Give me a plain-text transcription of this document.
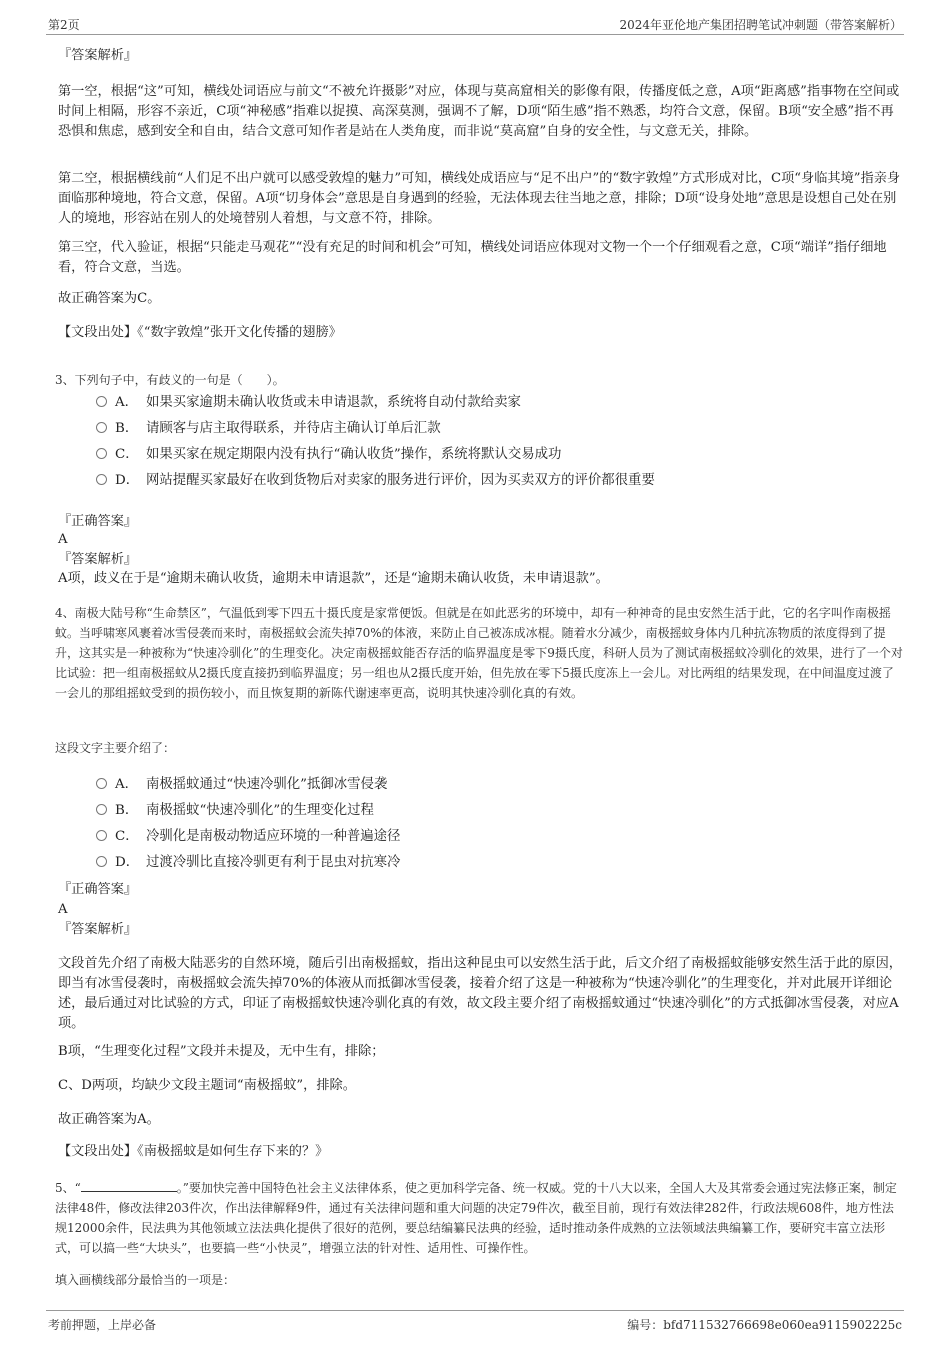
第2页	2024年亚伦地产集团招聘笔试冲刺题（带答案解析）
『答案解析』

第一空，根据“这”可知，横线处词语应与前文“不被允许摄影”对应，体现与莫高窟相关的影像有限，传播度低之意，A项“距离感”指事物在空间或时间上相隔，形容不亲近，C项“神秘感”指难以捉摸、高深莫测，强调不了解，D项“陌生感”指不熟悉，均符合文意，保留。B项“安全感”指不再恐惧和焦虑，感到安全和自由，结合文意可知作者是站在人类角度，而非说“莫高窟”自身的安全性，与文意无关，排除。

第二空，根据横线前“人们足不出户就可以感受敦煌的魅力”可知，横线处成语应与“足不出户”的“数字敦煌”方式形成对比，C项“身临其境”指亲身面临那种境地，符合文意，保留。A项“切身体会”意思是自身遇到的经验，无法体现去往当地之意，排除；D项“设身处地”意思是设想自己处在别人的境地，形容站在别人的处境替别人着想，与文意不符，排除。

第三空，代入验证，根据“只能走马观花”“没有充足的时间和机会”可知，横线处词语应体现对文物一个一个仔细观看之意，C项“端详”指仔细地看，符合文意，当选。

故正确答案为C。
【文段出处】《“数字敦煌”张开文化传播的翅膀》
3、下列句子中，有歧义的一句是（　　）。
A． 如果买家逾期未确认收货或未申请退款，系统将自动付款给卖家
B． 请顾客与店主取得联系，并待店主确认订单后汇款
C． 如果买家在规定期限内没有执行“确认收货”操作，系统将默认交易成功
D． 网站提醒买家最好在收到货物后对卖家的服务进行评价，因为买卖双方的评价都很重要
『正确答案』
A
『答案解析』
A项，歧义在于是“逾期未确认收货，逾期未申请退款”，还是“逾期未确认收货，未申请退款”。

4、南极大陆号称“生命禁区”，气温低到零下四五十摄氏度是家常便饭。但就是在如此恶劣的环境中，却有一种神奇的昆虫安然生活于此，它的名字叫作南极摇蚊。当呼啸寒风裹着冰雪侵袭而来时，南极摇蚊会流失掉70%的体液，来防止自己被冻成冰棍。随着水分减少，南极摇蚊身体内几种抗冻物质的浓度得到了提升，这其实是一种被称为“快速冷驯化”的生理变化。决定南极摇蚊能否存活的临界温度是零下9摄氏度，科研人员为了测试南极摇蚊冷驯化的效果，进行了一个对比试验：把一组南极摇蚊从2摄氏度直接扔到临界温度；另一组也从2摄氏度开始，但先放在零下5摄氏度冻上一会儿。对比两组的结果发现，在中间温度过渡了一会儿的那组摇蚊受到的损伤较小，而且恢复期的新陈代谢速率更高，说明其快速冷驯化真的有效。

这段文字主要介绍了：
A． 南极摇蚊通过“快速冷驯化”抵御冰雪侵袭
B． 南极摇蚊“快速冷驯化”的生理变化过程
C． 冷驯化是南极动物适应环境的一种普遍途径
D． 过渡冷驯比直接冷驯更有利于昆虫对抗寒冷
『正确答案』
A
『答案解析』

文段首先介绍了南极大陆恶劣的自然环境，随后引出南极摇蚊，指出这种昆虫可以安然生活于此，后文介绍了南极摇蚊能够安然生活于此的原因，即当有冰雪侵袭时，南极摇蚊会流失掉70%的体液从而抵御冰雪侵袭，接着介绍了这是一种被称为“快速冷驯化”的生理变化，并对此展开详细论述，最后通过对比试验的方式，印证了南极摇蚊快速冷驯化真的有效，故文段主要介绍了南极摇蚊通过“快速冷驯化”的方式抵御冰雪侵袭，对应A项。

B项，“生理变化过程”文段并未提及，无中生有，排除；
C、D两项，均缺少文段主题词“南极摇蚊”，排除。
故正确答案为A。
【文段出处】《南极摇蚊是如何生存下来的？》

5、“	。”要加快完善中国特色社会主义法律体系，使之更加科学完备、统一权威。党的十八大以来，全国人大及其常委会通过宪法修正案，制定法律48件，修改法律203件次，作出法律解释9件，通过有关法律问题和重大问题的决定79件次，截至目前，现行有效法律282件，行政法规608件，地方性法规12000余件，民法典为其他领域立法法典化提供了很好的范例，要总结编纂民法典的经验，适时推动条件成熟的立法领域法典编纂工作，要研究丰富立法形式，可以搞一些“大块头”，也要搞一些“小快灵”，增强立法的针对性、适用性、可操作性。

填入画横线部分最恰当的一项是：
考前押题，上岸必备	编号：bfd711532766698e060ea9115902225c
